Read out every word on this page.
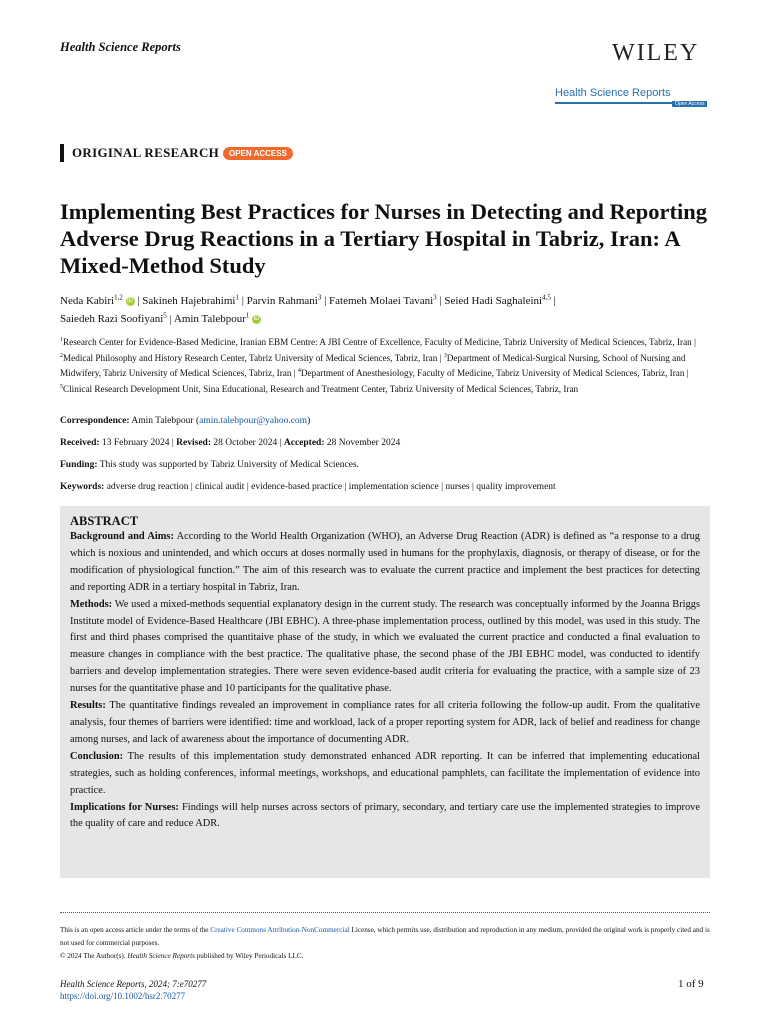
Health Science Reports	WILEY
Health Science Reports
Open Access
ORIGINAL RESEARCH	OPEN ACCESS
Implementing Best Practices for Nurses in Detecting and Reporting Adverse Drug Reactions in a Tertiary Hospital in Tabriz, Iran: A Mixed-Method Study
Neda Kabiri$^{1,2}$ iD | Sakineh Hajebrahimi$^1$ | Parvin Rahmani$^3$ | Fatemeh Molaei Tavani$^3$ | Seied Hadi Saghaleini$^{4,5}$ |
Saiedeh Razi Soofiyani$^5$ | Amin Talebpour$^1$ iD
$^1$Research Center for Evidence-Based Medicine, Iranian EBM Centre: A JBI Centre of Excellence, Faculty of Medicine, Tabriz University of Medical Sciences, Tabriz, Iran | $^2$Medical Philosophy and History Research Center, Tabriz University of Medical Sciences, Tabriz, Iran | $^3$Department of Medical-Surgical Nursing, School of Nursing and Midwifery, Tabriz University of Medical Sciences, Tabriz, Iran | $^4$Department of Anesthesiology, Faculty of Medicine, Tabriz University of Medical Sciences, Tabriz, Iran | $^5$Clinical Research Development Unit, Sina Educational, Research and Treatment Center, Tabriz University of Medical Sciences, Tabriz, Iran
Correspondence: Amin Talebpour (amin.talebpour@yahoo.com)
Received: 13 February 2024 | Revised: 28 October 2024 | Accepted: 28 November 2024
Funding: This study was supported by Tabriz University of Medical Sciences.
Keywords: adverse drug reaction | clinical audit | evidence-based practice | implementation science | nurses | quality improvement
ABSTRACT
Background and Aims: According to the World Health Organization (WHO), an Adverse Drug Reaction (ADR) is defined as “a response to a drug which is noxious and unintended, and which occurs at doses normally used in humans for the prophylaxis, diagnosis, or therapy of disease, or for the modification of physiological function.” The aim of this research was to evaluate the current practice and implement the best practices for detecting and reporting ADR in a tertiary hospital in Tabriz, Iran.
Methods: We used a mixed-methods sequential explanatory design in the current study. The research was conceptually informed by the Joanna Briggs Institute model of Evidence-Based Healthcare (JBI EBHC). A three-phase implementation process, outlined by this model, was used in this study. The first and third phases comprised the quantitaive phase of the study, in which we evaluated the current practice and conducted a final evaluation to measure changes in compliance with the best practice. The qualitative phase, the second phase of the JBI EBHC model, was conducted to identify barriers and develop implementation strategies. There were seven evidence-based audit criteria for evaluating the practice, with a sample size of 23 nurses for the quantitative phase and 10 participants for the qualitative phase.
Results: The quantitative findings revealed an improvement in compliance rates for all criteria following the follow-up audit. From the qualitative analysis, four themes of barriers were identified: time and workload, lack of a proper reporting system for ADR, lack of belief and readiness for change among nurses, and lack of awareness about the importance of documenting ADR.
Conclusion: The results of this implementation study demonstrated enhanced ADR reporting. It can be inferred that implementing educational strategies, such as holding conferences, informal meetings, workshops, and educational pamphlets, can facilitate the implementation of evidence into practice.
Implications for Nurses: Findings will help nurses across sectors of primary, secondary, and tertiary care use the implemented strategies to improve the quality of care and reduce ADR.
This is an open access article under the terms of the Creative Commons Attribution-NonCommercial License, which permits use, distribution and reproduction in any medium, provided the original work is properly cited and is not used for commercial purposes.
© 2024 The Author(s). Health Science Reports published by Wiley Periodicals LLC.
Health Science Reports, 2024; 7:e70277
https://doi.org/10.1002/hsr2.70277
1 of 9
